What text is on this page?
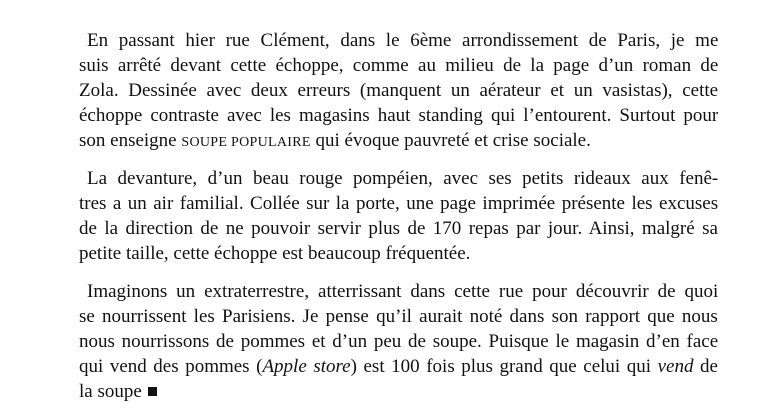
En passant hier rue Clément, dans le 6ème arrondissement de Paris, je me
suis arrêté devant cette échoppe, comme au milieu de la page d’un roman de
Zola. Dessinée avec deux erreurs (manquent un aérateur et un vasistas), cette
échoppe contraste avec les magasins haut standing qui l’entourent. Surtout pour
son enseigne SOUPE POPULAIRE qui évoque pauvreté et crise sociale.
La devanture, d’un beau rouge pompéien, avec ses petits rideaux aux fenê-
tres a un air familial. Collée sur la porte, une page imprimée présente les excuses
de la direction de ne pouvoir servir plus de 170 repas par jour. Ainsi, malgré sa
petite taille, cette échoppe est beaucoup fréquentée.
Imaginons un extraterrestre, atterrissant dans cette rue pour découvrir de quoi
se nourrissent les Parisiens. Je pense qu’il aurait noté dans son rapport que nous
nous nourrissons de pommes et d’un peu de soupe. Puisque le magasin d’en face
qui vend des pommes (Apple store) est 100 fois plus grand que celui qui vend de
la soupe
